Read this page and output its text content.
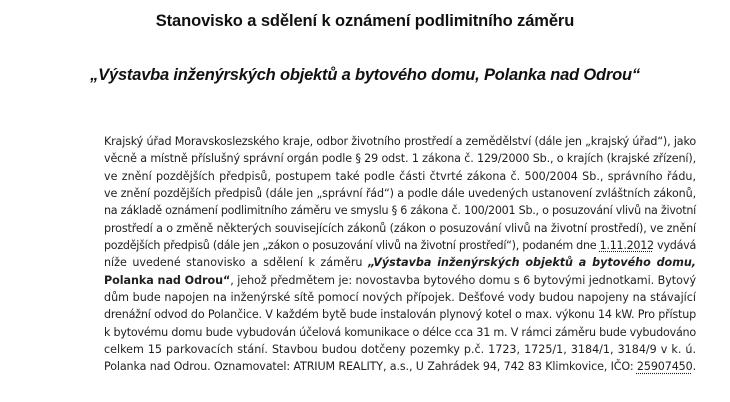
Stanovisko a sdělení k oznámení podlimitního záměru
„Výstavba inženýrských objektů a bytového domu, Polanka nad Odrou“
Krajský úřad Moravskoslezského kraje, odbor životního prostředí a zemědělství (dále jen „krajský úřad“), jako
věcně a místně příslušný správní orgán podle § 29 odst. 1 zákona č. 129/2000 Sb., o krajích (krajské zřízení),
ve znění pozdějších předpisů, postupem také podle části čtvrté zákona č. 500/2004 Sb., správního řádu,
ve znění pozdějších předpisů (dále jen „správní řád“) a podle dále uvedených ustanovení zvláštních zákonů,
na základě oznámení podlimitního záměru ve smyslu § 6 zákona č. 100/2001 Sb., o posuzování vlivů na životní
prostředí a o změně některých souvisejících zákonů (zákon o posuzování vlivů na životní prostředí), ve znění
pozdějších předpisů (dále jen „zákon o posuzování vlivů na životní prostředí“), podaném dne 1.11.2012 vydává
níže uvedené stanovisko a sdělení k záměru „Výstavba inženýrských objektů a bytového domu,
Polanka nad Odrou“, jehož předmětem je: novostavba bytového domu s 6 bytovými jednotkami. Bytový
dům bude napojen na inženýrské sítě pomocí nových přípojek. Dešťové vody budou napojeny na stávající
drenážní odvod do Polančice. V každém bytě bude instalován plynový kotel o max. výkonu 14 kW. Pro přístup
k bytovému domu bude vybudován účelová komunikace o délce cca 31 m. V rámci záměru bude vybudováno
celkem 15 parkovacích stání. Stavbou budou dotčeny pozemky p.č. 1723, 1725/1, 3184/1, 3184/9 v k. ú.
Polanka nad Odrou. Oznamovatel: ATRIUM REALITY, a.s., U Zahrádek 94, 742 83 Klimkovice, IČO: 25907450.
